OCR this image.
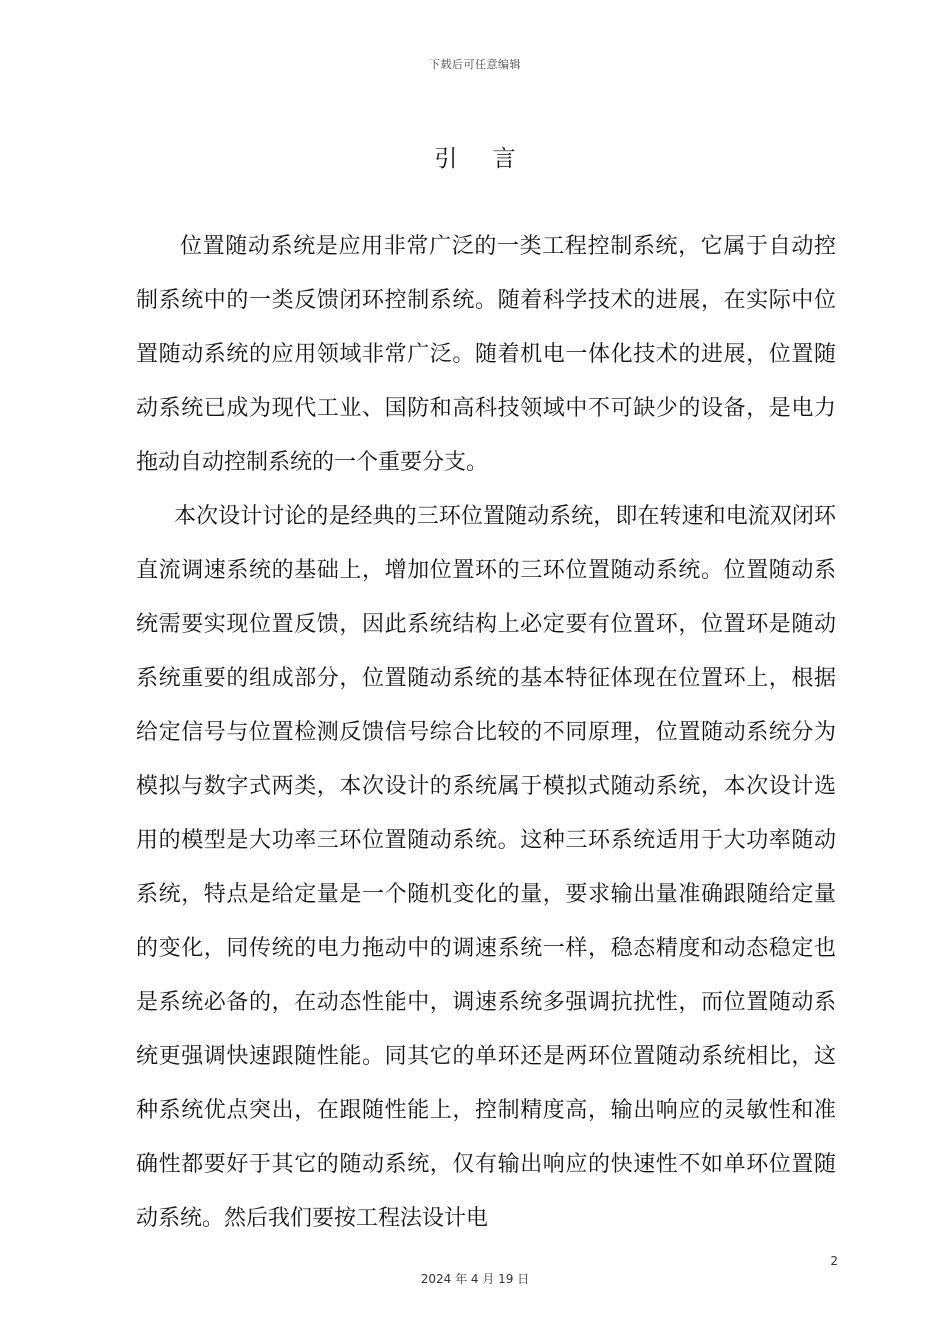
下载后可任意编辑
引 言

位置随动系统是应用非常广泛的一类工程控制系统，它属于自动控制系统中的一类反馈闭环控制系统。随着科学技术的进展，在实际中位置随动系统的应用领域非常广泛。随着机电一体化技术的进展，位置随动系统已成为现代工业、国防和高科技领域中不可缺少的设备，是电力拖动自动控制系统的一个重要分支。

本次设计讨论的是经典的三环位置随动系统，即在转速和电流双闭环直流调速系统的基础上，增加位置环的三环位置随动系统。位置随动系统需要实现位置反馈，因此系统结构上必定要有位置环，位置环是随动系统重要的组成部分，位置随动系统的基本特征体现在位置环上，根据给定信号与位置检测反馈信号综合比较的不同原理，位置随动系统分为模拟与数字式两类，本次设计的系统属于模拟式随动系统，本次设计选用的模型是大功率三环位置随动系统。这种三环系统适用于大功率随动系统，特点是给定量是一个随机变化的量，要求输出量准确跟随给定量的变化，同传统的电力拖动中的调速系统一样，稳态精度和动态稳定也是系统必备的，在动态性能中，调速系统多强调抗扰性，而位置随动系统更强调快速跟随性能。同其它的单环还是两环位置随动系统相比，这种系统优点突出，在跟随性能上，控制精度高，输出响应的灵敏性和准确性都要好于其它的随动系统，仅有输出响应的快速性不如单环位置随动系统。然后我们要按工程法设计电

2
2024 年 4 月 19 日
